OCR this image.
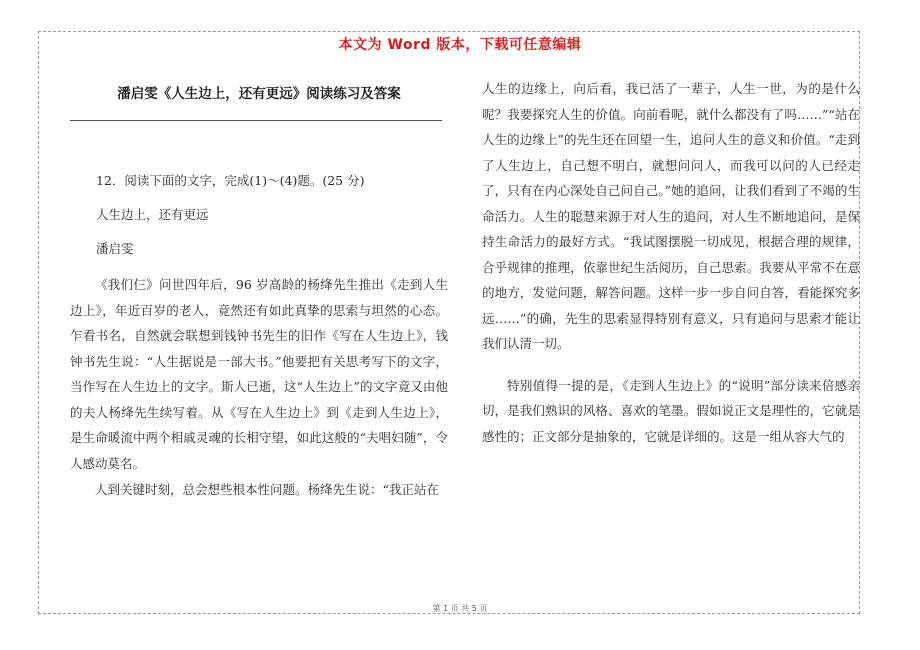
本文为 Word 版本，下载可任意编辑
潘启雯《人生边上，还有更远》阅读练习及答案

12．阅读下面的文字，完成(1)～(4)题。(25 分)

人生边上，还有更远

潘启雯

《我们仨》问世四年后，96 岁高龄的杨绛先生推出《走到人生边上》，年近百岁的老人，竟然还有如此真挚的思索与坦然的心态。乍看书名，自然就会联想到钱钟书先生的旧作《写在人生边上》，钱钟书先生说：“人生据说是一部大书。”他要把有关思考写下的文字，当作写在人生边上的文字。斯人已逝，这“人生边上”的文字竟又由他的夫人杨绛先生续写着。从《写在人生边上》到《走到人生边上》，是生命暖流中两个相戚灵魂的长相守望，如此这般的“夫唱妇随”，令人感动莫名。

人到关键时刻，总会想些根本性问题。杨绛先生说：“我正站在

人生的边缘上，向后看，我已活了一辈子，人生一世，为的是什么呢？我要探究人生的价值。向前看呢，就什么都没有了吗……”“站在人生的边缘上”的先生还在回望一生，追问人生的意义和价值。“走到了人生边上，自己想不明白，就想问问人，而我可以问的人已经走了，只有在内心深处自己问自己。”她的追问，让我们看到了不竭的生命活力。人生的聪慧来源于对人生的追问，对人生不断地追问，是保持生命活力的最好方式。“我试图摆脱一切成见，根据合理的规律，合乎规律的推理，依靠世纪生活阅历，自己思索。我要从平常不在意的地方，发觉问题，解答问题。这样一步一步自问自答，看能探究多远……”的确，先生的思索显得特别有意义，只有追问与思索才能让我们认清一切。

特别值得一提的是，《走到人生边上》的“说明”部分读来倍感亲切，是我们熟识的风格、喜欢的笔墨。假如说正文是理性的，它就是感性的；正文部分是抽象的，它就是详细的。这是一组从容大气的

第 1 页 共 5 页
